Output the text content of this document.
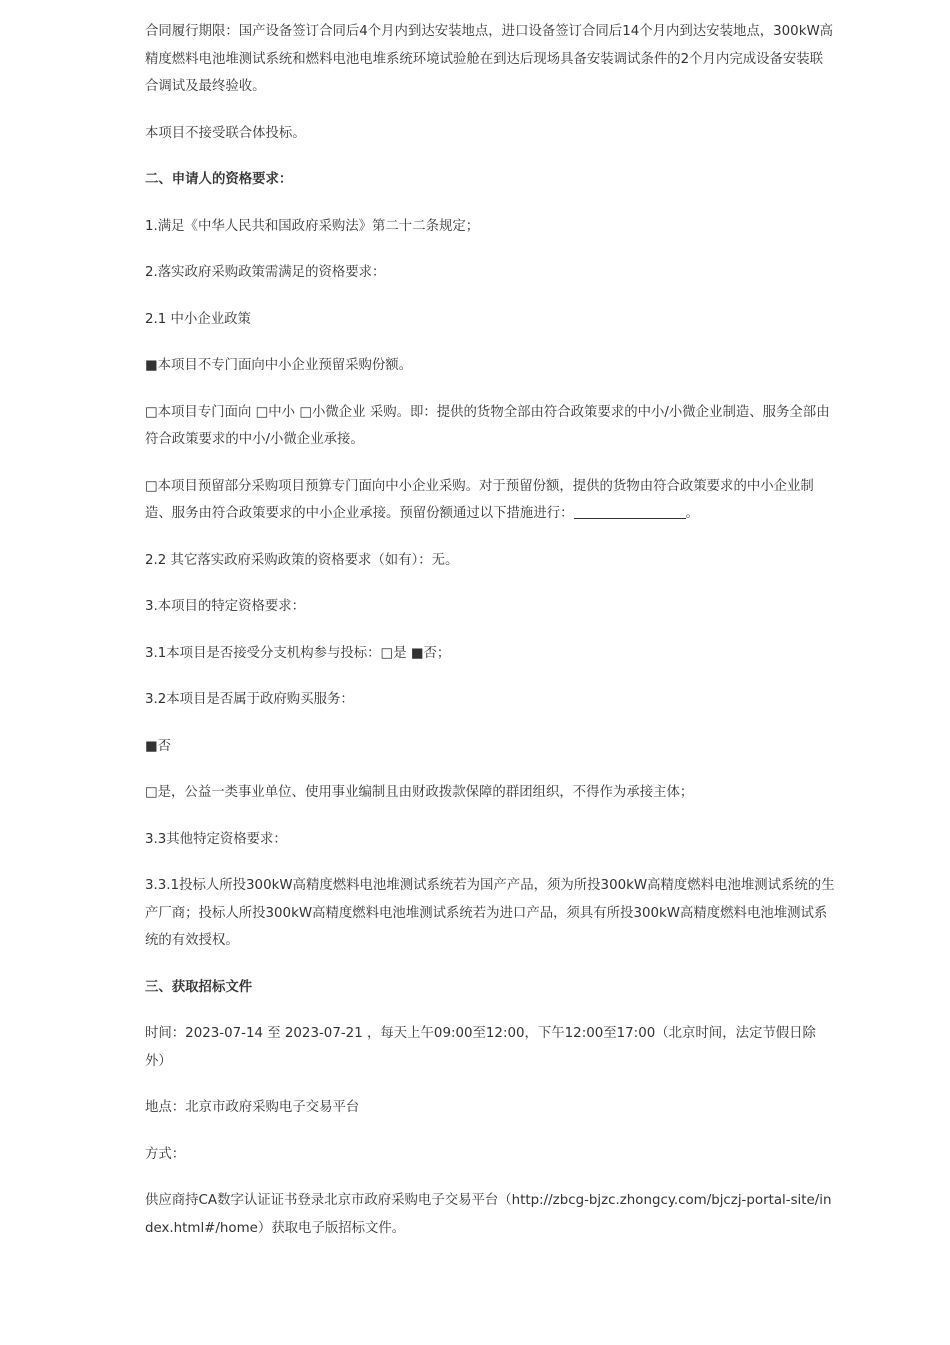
合同履行期限：国产设备签订合同后4个月内到达安装地点，进口设备签订合同后14个月内到达安装地点，300kW高精度燃料电池堆测试系统和燃料电池电堆系统环境试验舱在到达后现场具备安装调试条件的2个月内完成设备安装联合调试及最终验收。

本项目不接受联合体投标。

二、申请人的资格要求：

1.满足《中华人民共和国政府采购法》第二十二条规定；

2.落实政府采购政策需满足的资格要求：

2.1 中小企业政策

■本项目不专门面向中小企业预留采购份额。

□本项目专门面向 □中小 □小微企业 采购。即：提供的货物全部由符合政策要求的中小/小微企业制造、服务全部由符合政策要求的中小/小微企业承接。

□本项目预留部分采购项目预算专门面向中小企业采购。对于预留份额，提供的货物由符合政策要求的中小企业制造、服务由符合政策要求的中小企业承接。预留份额通过以下措施进行：	。

2.2 其它落实政府采购政策的资格要求（如有）：无。

3.本项目的特定资格要求：

3.1本项目是否接受分支机构参与投标：□是 ■否；

3.2本项目是否属于政府购买服务：

■否

□是，公益一类事业单位、使用事业编制且由财政拨款保障的群团组织，不得作为承接主体；

3.3其他特定资格要求：

3.3.1投标人所投300kW高精度燃料电池堆测试系统若为国产产品，须为所投300kW高精度燃料电池堆测试系统的生产厂商；投标人所投300kW高精度燃料电池堆测试系统若为进口产品，须具有所投300kW高精度燃料电池堆测试系统的有效授权。

三、获取招标文件

时间：2023-07-14 至 2023-07-21 ，每天上午09:00至12:00，下午12:00至17:00（北京时间，法定节假日除外）

地点：北京市政府采购电子交易平台

方式：

供应商持CA数字认证证书登录北京市政府采购电子交易平台（http://zbcg-bjzc.zhongcy.com/bjczj-portal-site/index.html#/home）获取电子版招标文件。
